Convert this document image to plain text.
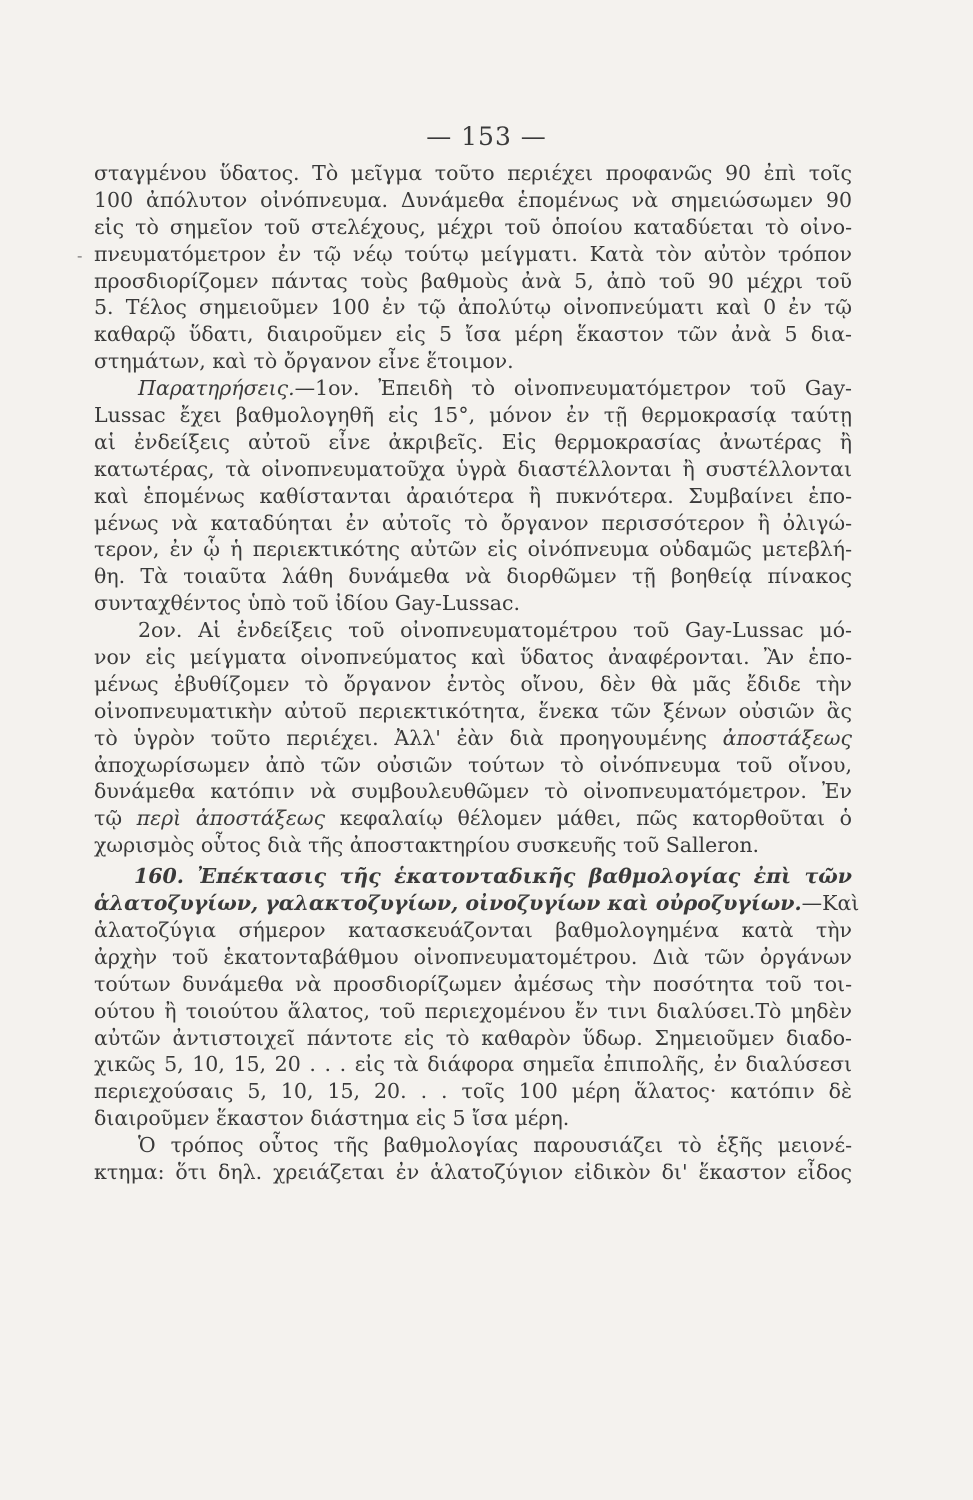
— 153 —
-
σταγμένου ὕδατος. Τὸ μεῖγμα τοῦτο περιέχει προφανῶς 90 ἐπὶ τοῖς
100 ἀπόλυτον οἰνόπνευμα. Δυνάμεθα ἑπομένως νὰ σημειώσωμεν 90
εἰς τὸ σημεῖον τοῦ στελέχους, μέχρι τοῦ ὁποίου καταδύεται τὸ οἰνο-
πνευματόμετρον ἐν τῷ νέῳ τούτῳ μείγματι. Κατὰ τὸν αὐτὸν τρόπον
προσδιορίζομεν πάντας τοὺς βαθμοὺς ἀνὰ 5, ἀπὸ τοῦ 90 μέχρι τοῦ
5. Τέλος σημειοῦμεν 100 ἐν τῷ ἀπολύτῳ οἰνοπνεύματι καὶ 0 ἐν τῷ
καθαρῷ ὕδατι, διαιροῦμεν εἰς 5 ἴσα μέρη ἕκαστον τῶν ἀνὰ 5 δια-
στημάτων, καὶ τὸ ὄργανον εἶνε ἕτοιμον.
Παρατηρήσεις.—1ον. Ἐπειδὴ τὸ οἰνοπνευματόμετρον τοῦ Gay-
Lussac ἔχει βαθμολογηθῆ εἰς 15°, μόνον ἐν τῇ θερμοκρασίᾳ ταύτῃ
αἱ ἐνδείξεις αὐτοῦ εἶνε ἀκριβεῖς. Εἰς θερμοκρασίας ἀνωτέρας ἢ
κατωτέρας, τὰ οἰνοπνευματοῦχα ὑγρὰ διαστέλλονται ἢ συστέλλονται
καὶ ἑπομένως καθίστανται ἀραιότερα ἢ πυκνότερα. Συμβαίνει ἑπο-
μένως νὰ καταδύηται ἐν αὐτοῖς τὸ ὄργανον περισσότερον ἢ ὀλιγώ-
τερον, ἐν ᾧ ἡ περιεκτικότης αὐτῶν εἰς οἰνόπνευμα οὐδαμῶς μετεβλή-
θη. Τὰ τοιαῦτα λάθη δυνάμεθα νὰ διορθῶμεν τῇ βοηθείᾳ πίνακος
συνταχθέντος ὑπὸ τοῦ ἰδίου Gay-Lussac.
2ον. Αἱ ἐνδείξεις τοῦ οἰνοπνευματομέτρου τοῦ Gay-Lussac μό-
νον εἰς μείγματα οἰνοπνεύματος καὶ ὕδατος ἀναφέρονται. Ἂν ἑπο-
μένως ἐβυθίζομεν τὸ ὄργανον ἐντὸς οἴνου, δὲν θὰ μᾶς ἔδιδε τὴν
οἰνοπνευματικὴν αὐτοῦ περιεκτικότητα, ἕνεκα τῶν ξένων οὐσιῶν ἃς
τὸ ὑγρὸν τοῦτο περιέχει. Ἀλλ' ἐὰν διὰ προηγουμένης ἀποστάξεως
ἀποχωρίσωμεν ἀπὸ τῶν οὐσιῶν τούτων τὸ οἰνόπνευμα τοῦ οἴνου,
δυνάμεθα κατόπιν νὰ συμβουλευθῶμεν τὸ οἰνοπνευματόμετρον. Ἐν
τῷ περὶ ἀποστάξεως κεφαλαίῳ θέλομεν μάθει, πῶς κατορθοῦται ὁ
χωρισμὸς οὗτος διὰ τῆς ἀποστακτηρίου συσκευῆς τοῦ Salleron.
160. Ἐπέκτασις τῆς ἑκατονταδικῆς βαθμολογίας ἐπὶ τῶν
ἁλατοζυγίων, γαλακτοζυγίων, οἰνοζυγίων καὶ οὐροζυγίων.—Καὶ
ἁλατοζύγια σήμερον κατασκευάζονται βαθμολογημένα κατὰ τὴν
ἀρχὴν τοῦ ἑκατονταβάθμου οἰνοπνευματομέτρου. Διὰ τῶν ὀργάνων
τούτων δυνάμεθα νὰ προσδιορίζωμεν ἀμέσως τὴν ποσότητα τοῦ τοι-
ούτου ἢ τοιούτου ἅλατος, τοῦ περιεχομένου ἔν τινι διαλύσει.Τὸ μηδὲν
αὐτῶν ἀντιστοιχεῖ πάντοτε εἰς τὸ καθαρὸν ὕδωρ. Σημειοῦμεν διαδο-
χικῶς 5, 10, 15, 20 . . . εἰς τὰ διάφορα σημεῖα ἐπιπολῆς, ἐν διαλύσεσι
περιεχούσαις 5, 10, 15, 20. . . τοῖς 100 μέρη ἅλατος· κατόπιν δὲ
διαιροῦμεν ἕκαστον διάστημα εἰς 5 ἴσα μέρη.
Ὁ τρόπος οὗτος τῆς βαθμολογίας παρουσιάζει τὸ ἑξῆς μειονέ-
κτημα: ὅτι δηλ. χρειάζεται ἐν ἁλατοζύγιον εἰδικὸν δι' ἕκαστον εἶδος
